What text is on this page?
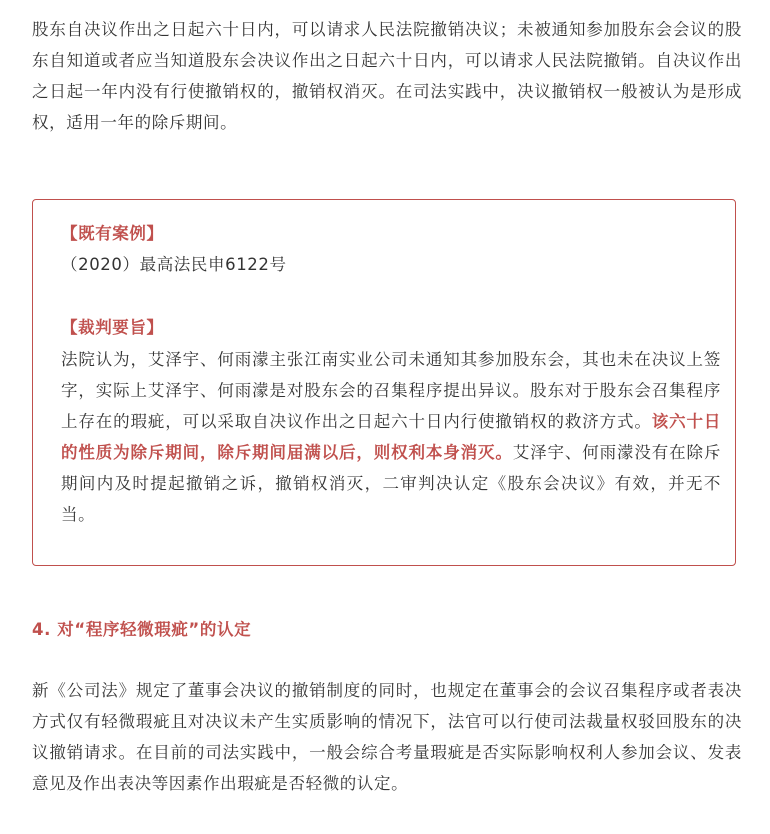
股东自决议作出之日起六十日内，可以请求人民法院撤销决议；未被通知参加股东会会议的股东自知道或者应当知道股东会决议作出之日起六十日内，可以请求人民法院撤销。自决议作出之日起一年内没有行使撤销权的，撤销权消灭。在司法实践中，决议撤销权一般被认为是形成权，适用一年的除斥期间。

【既有案例】

（2020）最高法民申6122号

【裁判要旨】

法院认为，艾泽宇、何雨濛主张江南实业公司未通知其参加股东会，其也未在决议上签字，实际上艾泽宇、何雨濛是对股东会的召集程序提出异议。股东对于股东会召集程序上存在的瑕疵，可以采取自决议作出之日起六十日内行使撤销权的救济方式。该六十日的性质为除斥期间，除斥期间届满以后，则权利本身消灭。艾泽宇、何雨濛没有在除斥期间内及时提起撤销之诉，撤销权消灭，二审判决认定《股东会决议》有效，并无不当。

4. 对“程序轻微瑕疵”的认定

新《公司法》规定了董事会决议的撤销制度的同时，也规定在董事会的会议召集程序或者表决方式仅有轻微瑕疵且对决议未产生实质影响的情况下，法官可以行使司法裁量权驳回股东的决议撤销请求。在目前的司法实践中，一般会综合考量瑕疵是否实际影响权利人参加会议、发表意见及作出表决等因素作出瑕疵是否轻微的认定。
